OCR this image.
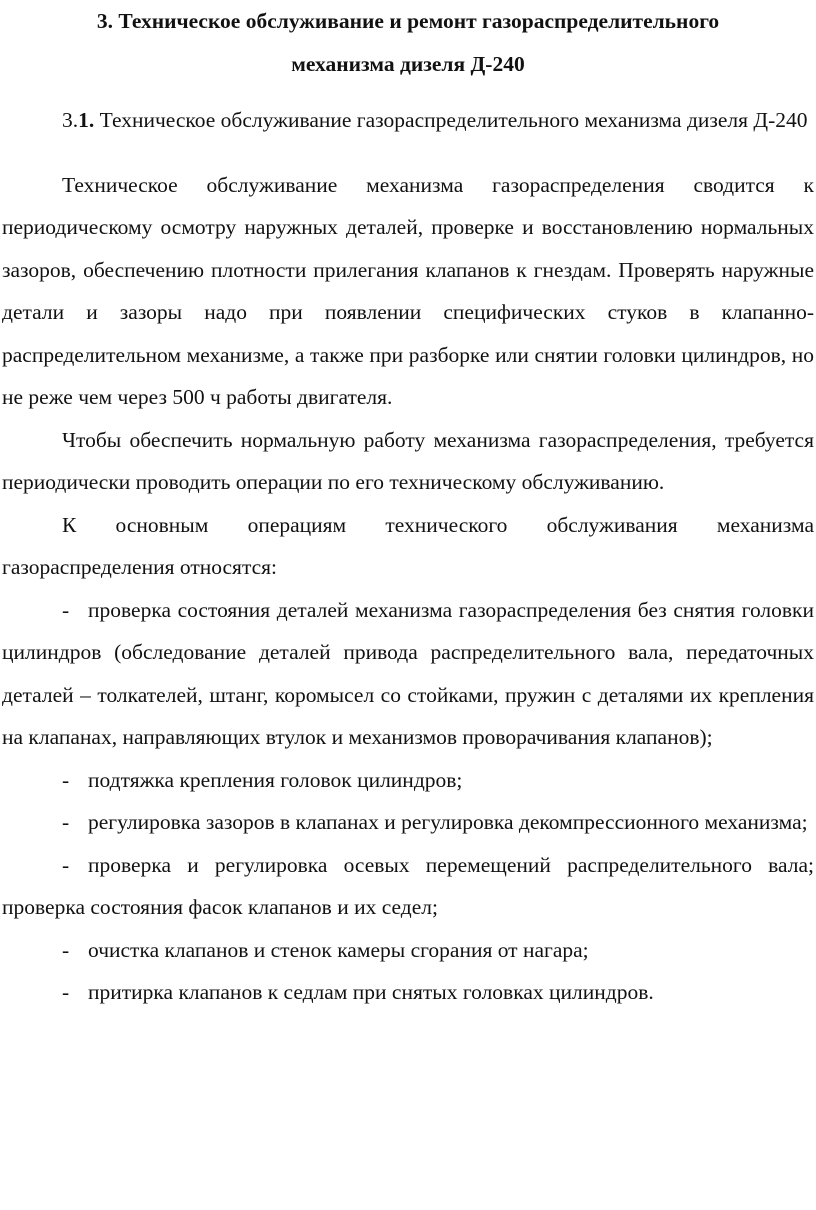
3. Техническое обслуживание и ремонт газораспределительного
механизма дизеля Д-240

3.1. Техническое обслуживание газораспределительного механизма дизеля Д-240

Техническое обслуживание механизма газораспределения сводится к периодическому осмотру наружных деталей, проверке и восстановлению нормальных зазоров, обеспечению плотности прилегания клапанов к гнездам. Проверять наружные детали и зазоры надо при появлении специфических стуков в клапанно-распределительном механизме, а также при разборке или снятии головки цилиндров, но не реже чем через 500 ч работы двигателя.

Чтобы обеспечить нормальную работу механизма газораспределения, требуется периодически проводить операции по его техническому обслуживанию.

К основным операциям технического обслуживания механизма газораспределения относятся:

- проверка состояния деталей механизма газораспределения без снятия головки цилиндров (обследование деталей привода распределительного вала, передаточных деталей – толкателей, штанг, коромысел со стойками, пружин с деталями их крепления на клапанах, направляющих втулок и механизмов проворачивания клапанов);

- подтяжка крепления головок цилиндров;

- регулировка зазоров в клапанах и регулировка декомпрессионного механизма;

- проверка и регулировка осевых перемещений распределительного вала; проверка состояния фасок клапанов и их седел;

- очистка клапанов и стенок камеры сгорания от нагара;

- притирка клапанов к седлам при снятых головках цилиндров.
